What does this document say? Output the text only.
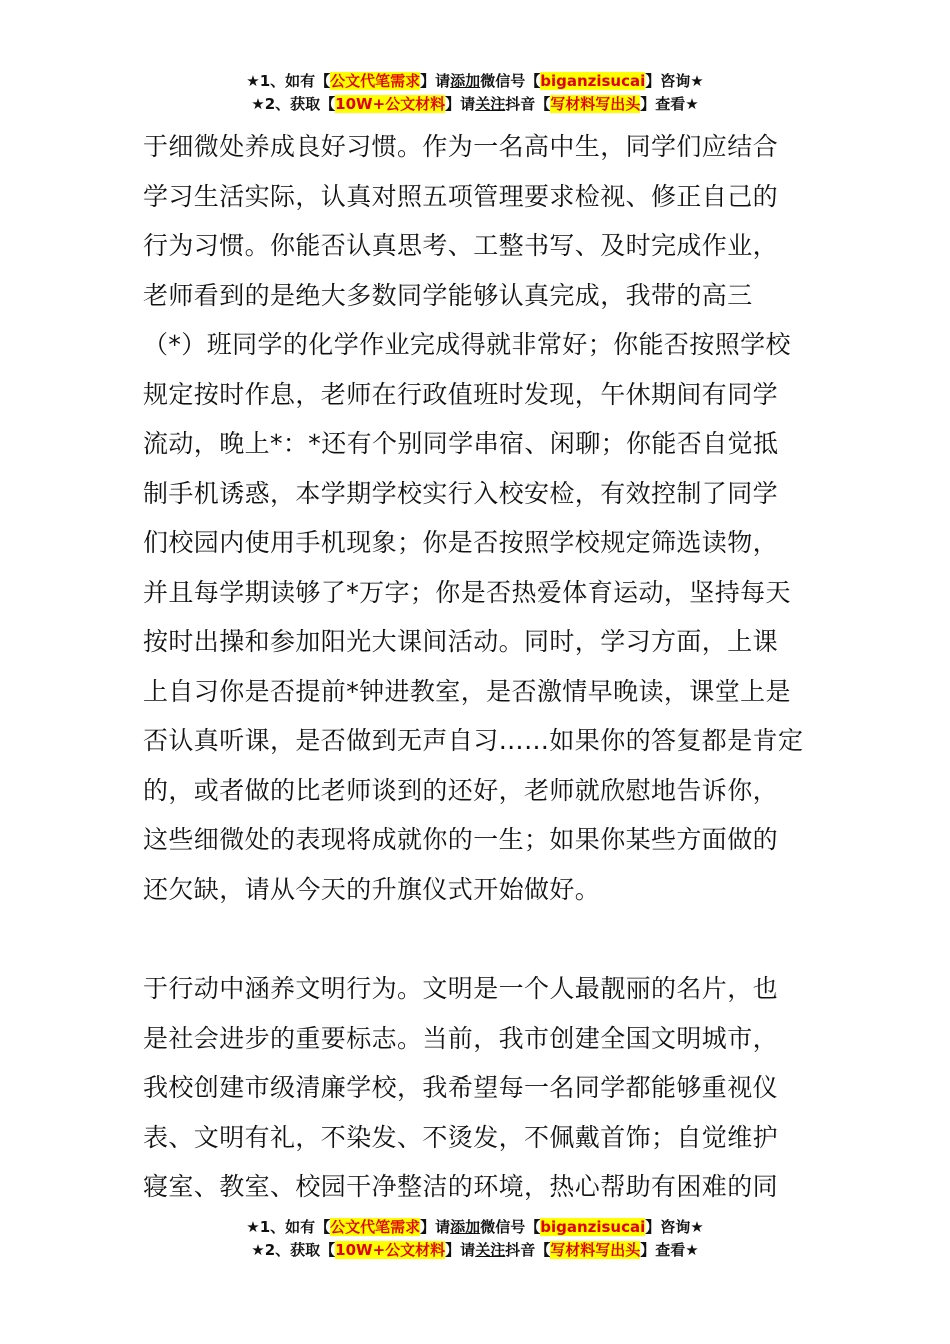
★1、如有【公文代笔需求】请添加微信号【biganzisucai】咨询★
★2、获取【10W+公文材料】请关注抖音【写材料写出头】查看★
于细微处养成良好习惯。作为一名高中生，同学们应结合
学习生活实际，认真对照五项管理要求检视、修正自己的
行为习惯。你能否认真思考、工整书写、及时完成作业，
老师看到的是绝大多数同学能够认真完成，我带的高三
（*）班同学的化学作业完成得就非常好；你能否按照学校
规定按时作息，老师在行政值班时发现，午休期间有同学
流动，晚上*：*还有个别同学串宿、闲聊；你能否自觉抵
制手机诱惑，本学期学校实行入校安检，有效控制了同学
们校园内使用手机现象；你是否按照学校规定筛选读物，
并且每学期读够了*万字；你是否热爱体育运动，坚持每天
按时出操和参加阳光大课间活动。同时，学习方面，上课
上自习你是否提前*钟进教室，是否激情早晚读，课堂上是
否认真听课，是否做到无声自习……如果你的答复都是肯定
的，或者做的比老师谈到的还好，老师就欣慰地告诉你，
这些细微处的表现将成就你的一生；如果你某些方面做的
还欠缺，请从今天的升旗仪式开始做好。
于行动中涵养文明行为。文明是一个人最靓丽的名片，也
是社会进步的重要标志。当前，我市创建全国文明城市，
我校创建市级清廉学校，我希望每一名同学都能够重视仪
表、文明有礼，不染发、不烫发，不佩戴首饰；自觉维护
寝室、教室、校园干净整洁的环境，热心帮助有困难的同
★1、如有【公文代笔需求】请添加微信号【biganzisucai】咨询★
★2、获取【10W+公文材料】请关注抖音【写材料写出头】查看★
